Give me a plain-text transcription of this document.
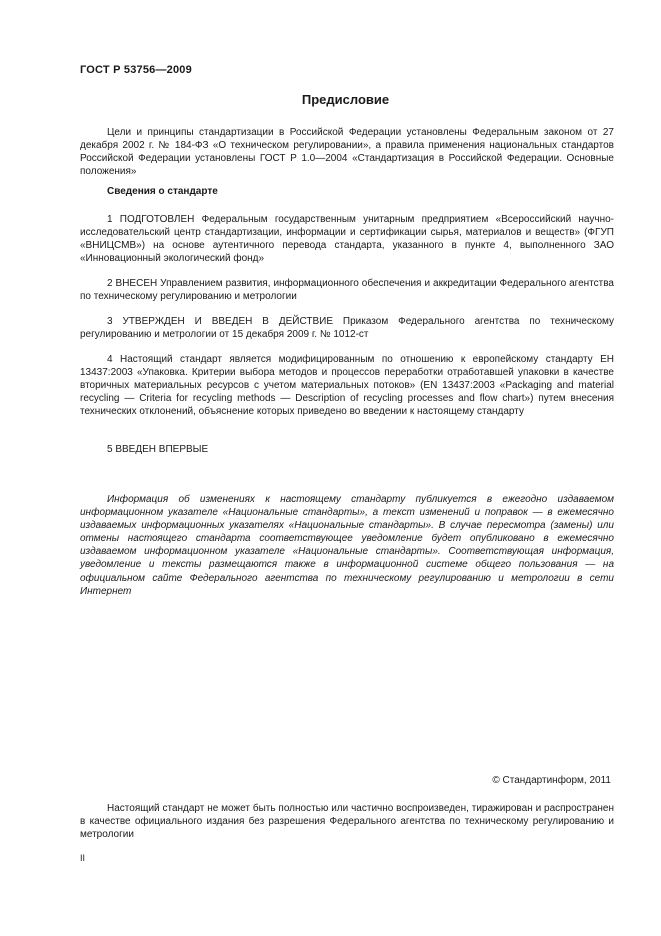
ГОСТ Р 53756—2009
Предисловие

Цели и принципы стандартизации в Российской Федерации установлены Федеральным законом от 27 декабря 2002 г. № 184-ФЗ «О техническом регулировании», а правила применения национальных стандартов Российской Федерации установлены ГОСТ Р 1.0—2004 «Стандартизация в Российской Федерации. Основные положения»

Сведения о стандарте

1 ПОДГОТОВЛЕН Федеральным государственным унитарным предприятием «Всероссийский научно-исследовательский центр стандартизации, информации и сертификации сырья, материалов и веществ» (ФГУП «ВНИЦСМВ») на основе аутентичного перевода стандарта, указанного в пункте 4, выполненного ЗАО «Инновационный экологический фонд»

2 ВНЕСЕН Управлением развития, информационного обеспечения и аккредитации Федерального агентства по техническому регулированию и метрологии

3 УТВЕРЖДЕН И ВВЕДЕН В ДЕЙСТВИЕ Приказом Федерального агентства по техническому регулированию и метрологии от 15 декабря 2009 г. № 1012-ст

4 Настоящий стандарт является модифицированным по отношению к европейскому стандарту ЕН 13437:2003 «Упаковка. Критерии выбора методов и процессов переработки отработавшей упаковки в качестве вторичных материальных ресурсов с учетом материальных потоков» (EN 13437:2003 «Packaging and material recycling — Criteria for recycling methods — Description of recycling processes and flow chart») путем внесения технических отклонений, объяснение которых приведено во введении к настоящему стандарту

5 ВВЕДЕН ВПЕРВЫЕ

Информация об изменениях к настоящему стандарту публикуется в ежегодно издаваемом информационном указателе «Национальные стандарты», а текст изменений и поправок — в ежемесячно издаваемых информационных указателях «Национальные стандарты». В случае пересмотра (замены) или отмены настоящего стандарта соответствующее уведомление будет опубликовано в ежемесячно издаваемом информационном указателе «Национальные стандарты». Соответствующая информация, уведомление и тексты размещаются также в информационной системе общего пользования — на официальном сайте Федерального агентства по техническому регулированию и метрологии в сети Интернет

© Стандартинформ, 2011

Настоящий стандарт не может быть полностью или частично воспроизведен, тиражирован и распространен в качестве официального издания без разрешения Федерального агентства по техническому регулированию и метрологии

II
